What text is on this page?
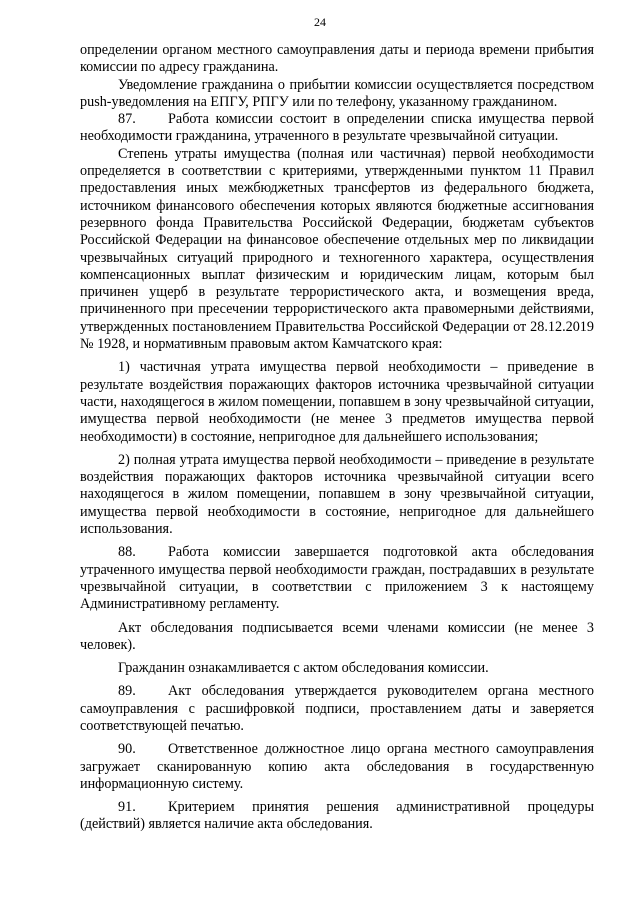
24

определении органом местного самоуправления даты и периода времени прибытия комиссии по адресу гражданина.

Уведомление гражданина о прибытии комиссии осуществляется посредством push-уведомления на ЕПГУ, РПГУ или по телефону, указанному гражданином.

87. Работа комиссии состоит в определении списка имущества первой необходимости гражданина, утраченного в результате чрезвычайной ситуации.

Степень утраты имущества (полная или частичная) первой необходимости определяется в соответствии с критериями, утвержденными пунктом 11 Правил предоставления иных межбюджетных трансфертов из федерального бюджета, источником финансового обеспечения которых являются бюджетные ассигнования резервного фонда Правительства Российской Федерации, бюджетам субъектов Российской Федерации на финансовое обеспечение отдельных мер по ликвидации чрезвычайных ситуаций природного и техногенного характера, осуществления компенсационных выплат физическим и юридическим лицам, которым был причинен ущерб в результате террористического акта, и возмещения вреда, причиненного при пресечении террористического акта правомерными действиями, утвержденных постановлением Правительства Российской Федерации от 28.12.2019 № 1928, и нормативным правовым актом Камчатского края:

1) частичная утрата имущества первой необходимости – приведение в результате воздействия поражающих факторов источника чрезвычайной ситуации части, находящегося в жилом помещении, попавшем в зону чрезвычайной ситуации, имущества первой необходимости (не менее 3 предметов имущества первой необходимости) в состояние, непригодное для дальнейшего использования;

2) полная утрата имущества первой необходимости – приведение в результате воздействия поражающих факторов источника чрезвычайной ситуации всего находящегося в жилом помещении, попавшем в зону чрезвычайной ситуации, имущества первой необходимости в состояние, непригодное для дальнейшего использования.

88. Работа комиссии завершается подготовкой акта обследования утраченного имущества первой необходимости граждан, пострадавших в результате чрезвычайной ситуации, в соответствии с приложением 3 к настоящему Административному регламенту.

Акт обследования подписывается всеми членами комиссии (не менее 3 человек).

Гражданин ознакамливается с актом обследования комиссии.

89. Акт обследования утверждается руководителем органа местного самоуправления с расшифровкой подписи, проставлением даты и заверяется соответствующей печатью.

90. Ответственное должностное лицо органа местного самоуправления загружает сканированную копию акта обследования в государственную информационную систему.

91. Критерием принятия решения административной процедуры (действий) является наличие акта обследования.
